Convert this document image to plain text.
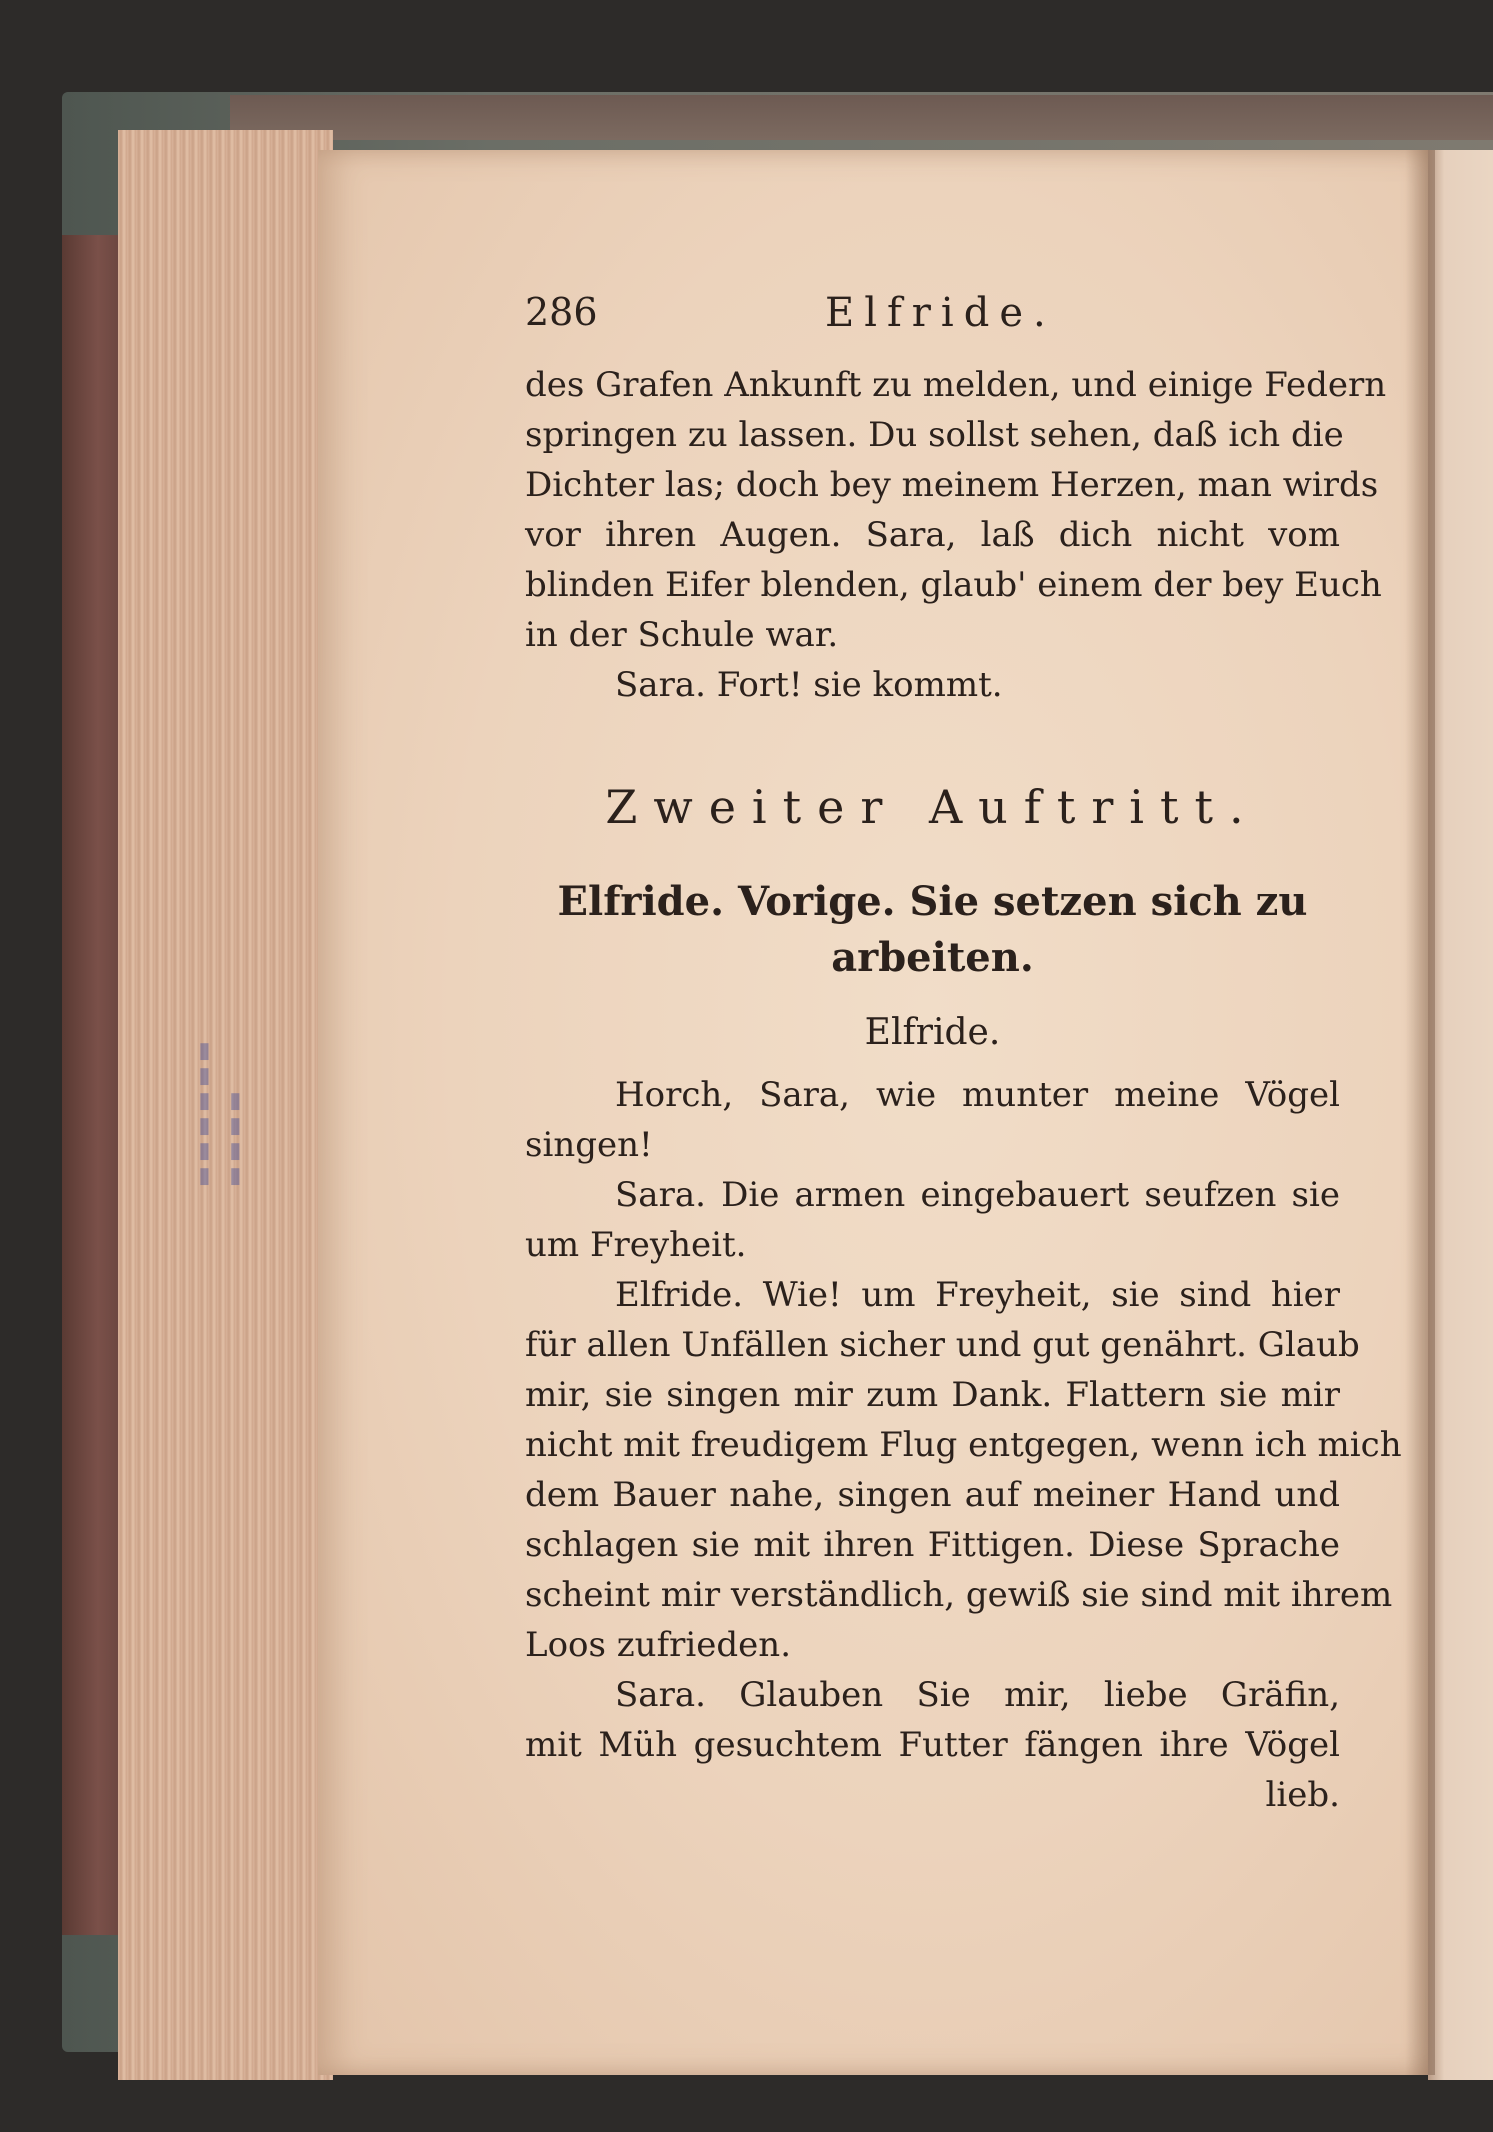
▮▮▮▮▮▮ ▮▮▮▮
286	Elfride.
des Grafen Ankunft zu melden, und einige Federn
springen zu lassen. Du sollst sehen, daß ich die
Dichter las; doch bey meinem Herzen, man wirds
vor ihren Augen. Sara, laß dich nicht vom
blinden Eifer blenden, glaub' einem der bey Euch
in der Schule war.
Sara. Fort! sie kommt.
Zweiter Auftritt.
Elfride. Vorige. Sie setzen sich zu arbeiten.
Elfride.
Horch, Sara, wie munter meine Vögel
singen!
Sara. Die armen eingebauert seufzen sie
um Freyheit.
Elfride. Wie! um Freyheit, sie sind hier
für allen Unfällen sicher und gut genährt. Glaub
mir, sie singen mir zum Dank. Flattern sie mir
nicht mit freudigem Flug entgegen, wenn ich mich
dem Bauer nahe, singen auf meiner Hand und
schlagen sie mit ihren Fittigen. Diese Sprache
scheint mir verständlich, gewiß sie sind mit ihrem
Loos zufrieden.
Sara. Glauben Sie mir, liebe Gräfin,
mit Müh gesuchtem Futter fängen ihre Vögel
lieb.
